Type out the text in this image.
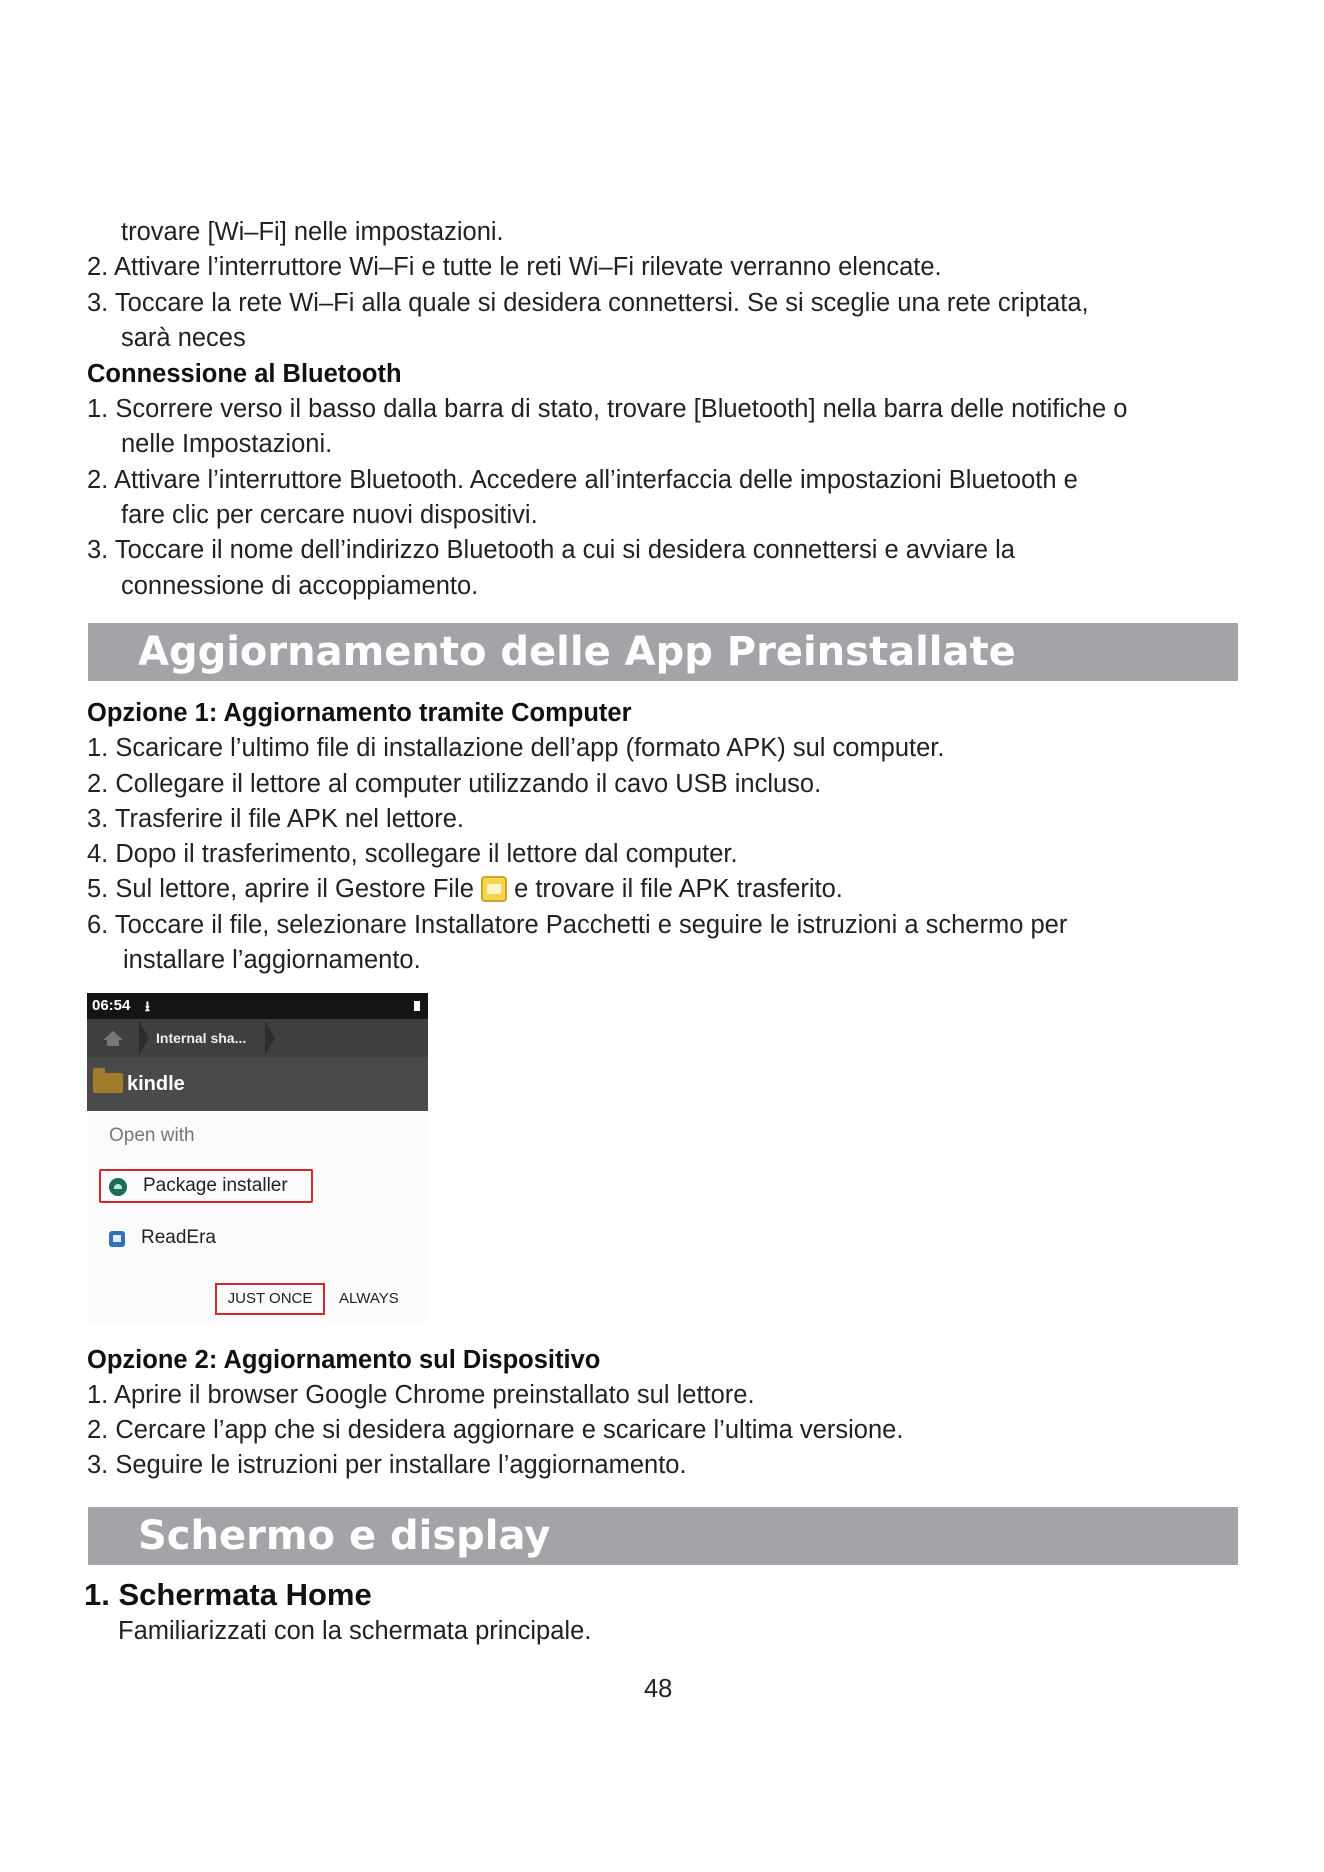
trovare [Wi–Fi] nelle impostazioni.
2. Attivare l’interruttore Wi–Fi e tutte le reti Wi–Fi rilevate verranno elencate.
3. Toccare la rete Wi–Fi alla quale si desidera connettersi. Se si sceglie una rete criptata,
sarà neces
Connessione al Bluetooth
1. Scorrere verso il basso dalla barra di stato, trovare [Bluetooth] nella barra delle notifiche o
nelle Impostazioni.
2. Attivare l’interruttore Bluetooth. Accedere all’interfaccia delle impostazioni Bluetooth e
fare clic per cercare nuovi dispositivi.
3. Toccare il nome dell’indirizzo Bluetooth a cui si desidera connettersi e avviare la
connessione di accoppiamento.
Aggiornamento delle App Preinstallate
Opzione 1: Aggiornamento tramite Computer
1. Scaricare l’ultimo file di installazione dell’app (formato APK) sul computer.
2. Collegare il lettore al computer utilizzando il cavo USB incluso.
3. Trasferire il file APK nel lettore.
4. Dopo il trasferimento, scollegare il lettore dal computer.
5. Sul lettore, aprire il Gestore File  e trovare il file APK trasferito.
6. Toccare il file, selezionare Installatore Pacchetti e seguire le istruzioni a schermo per
installare l’aggiornamento.
06:54 ⭳
Internal sha...
kindle
Open with
Package installer
ReadEra
JUST ONCE	ALWAYS
Opzione 2: Aggiornamento sul Dispositivo
1. Aprire il browser Google Chrome preinstallato sul lettore.
2. Cercare l’app che si desidera aggiornare e scaricare l’ultima versione.
3. Seguire le istruzioni per installare l’aggiornamento.
Schermo e display
1. Schermata Home
Familiarizzati con la schermata principale.
48
